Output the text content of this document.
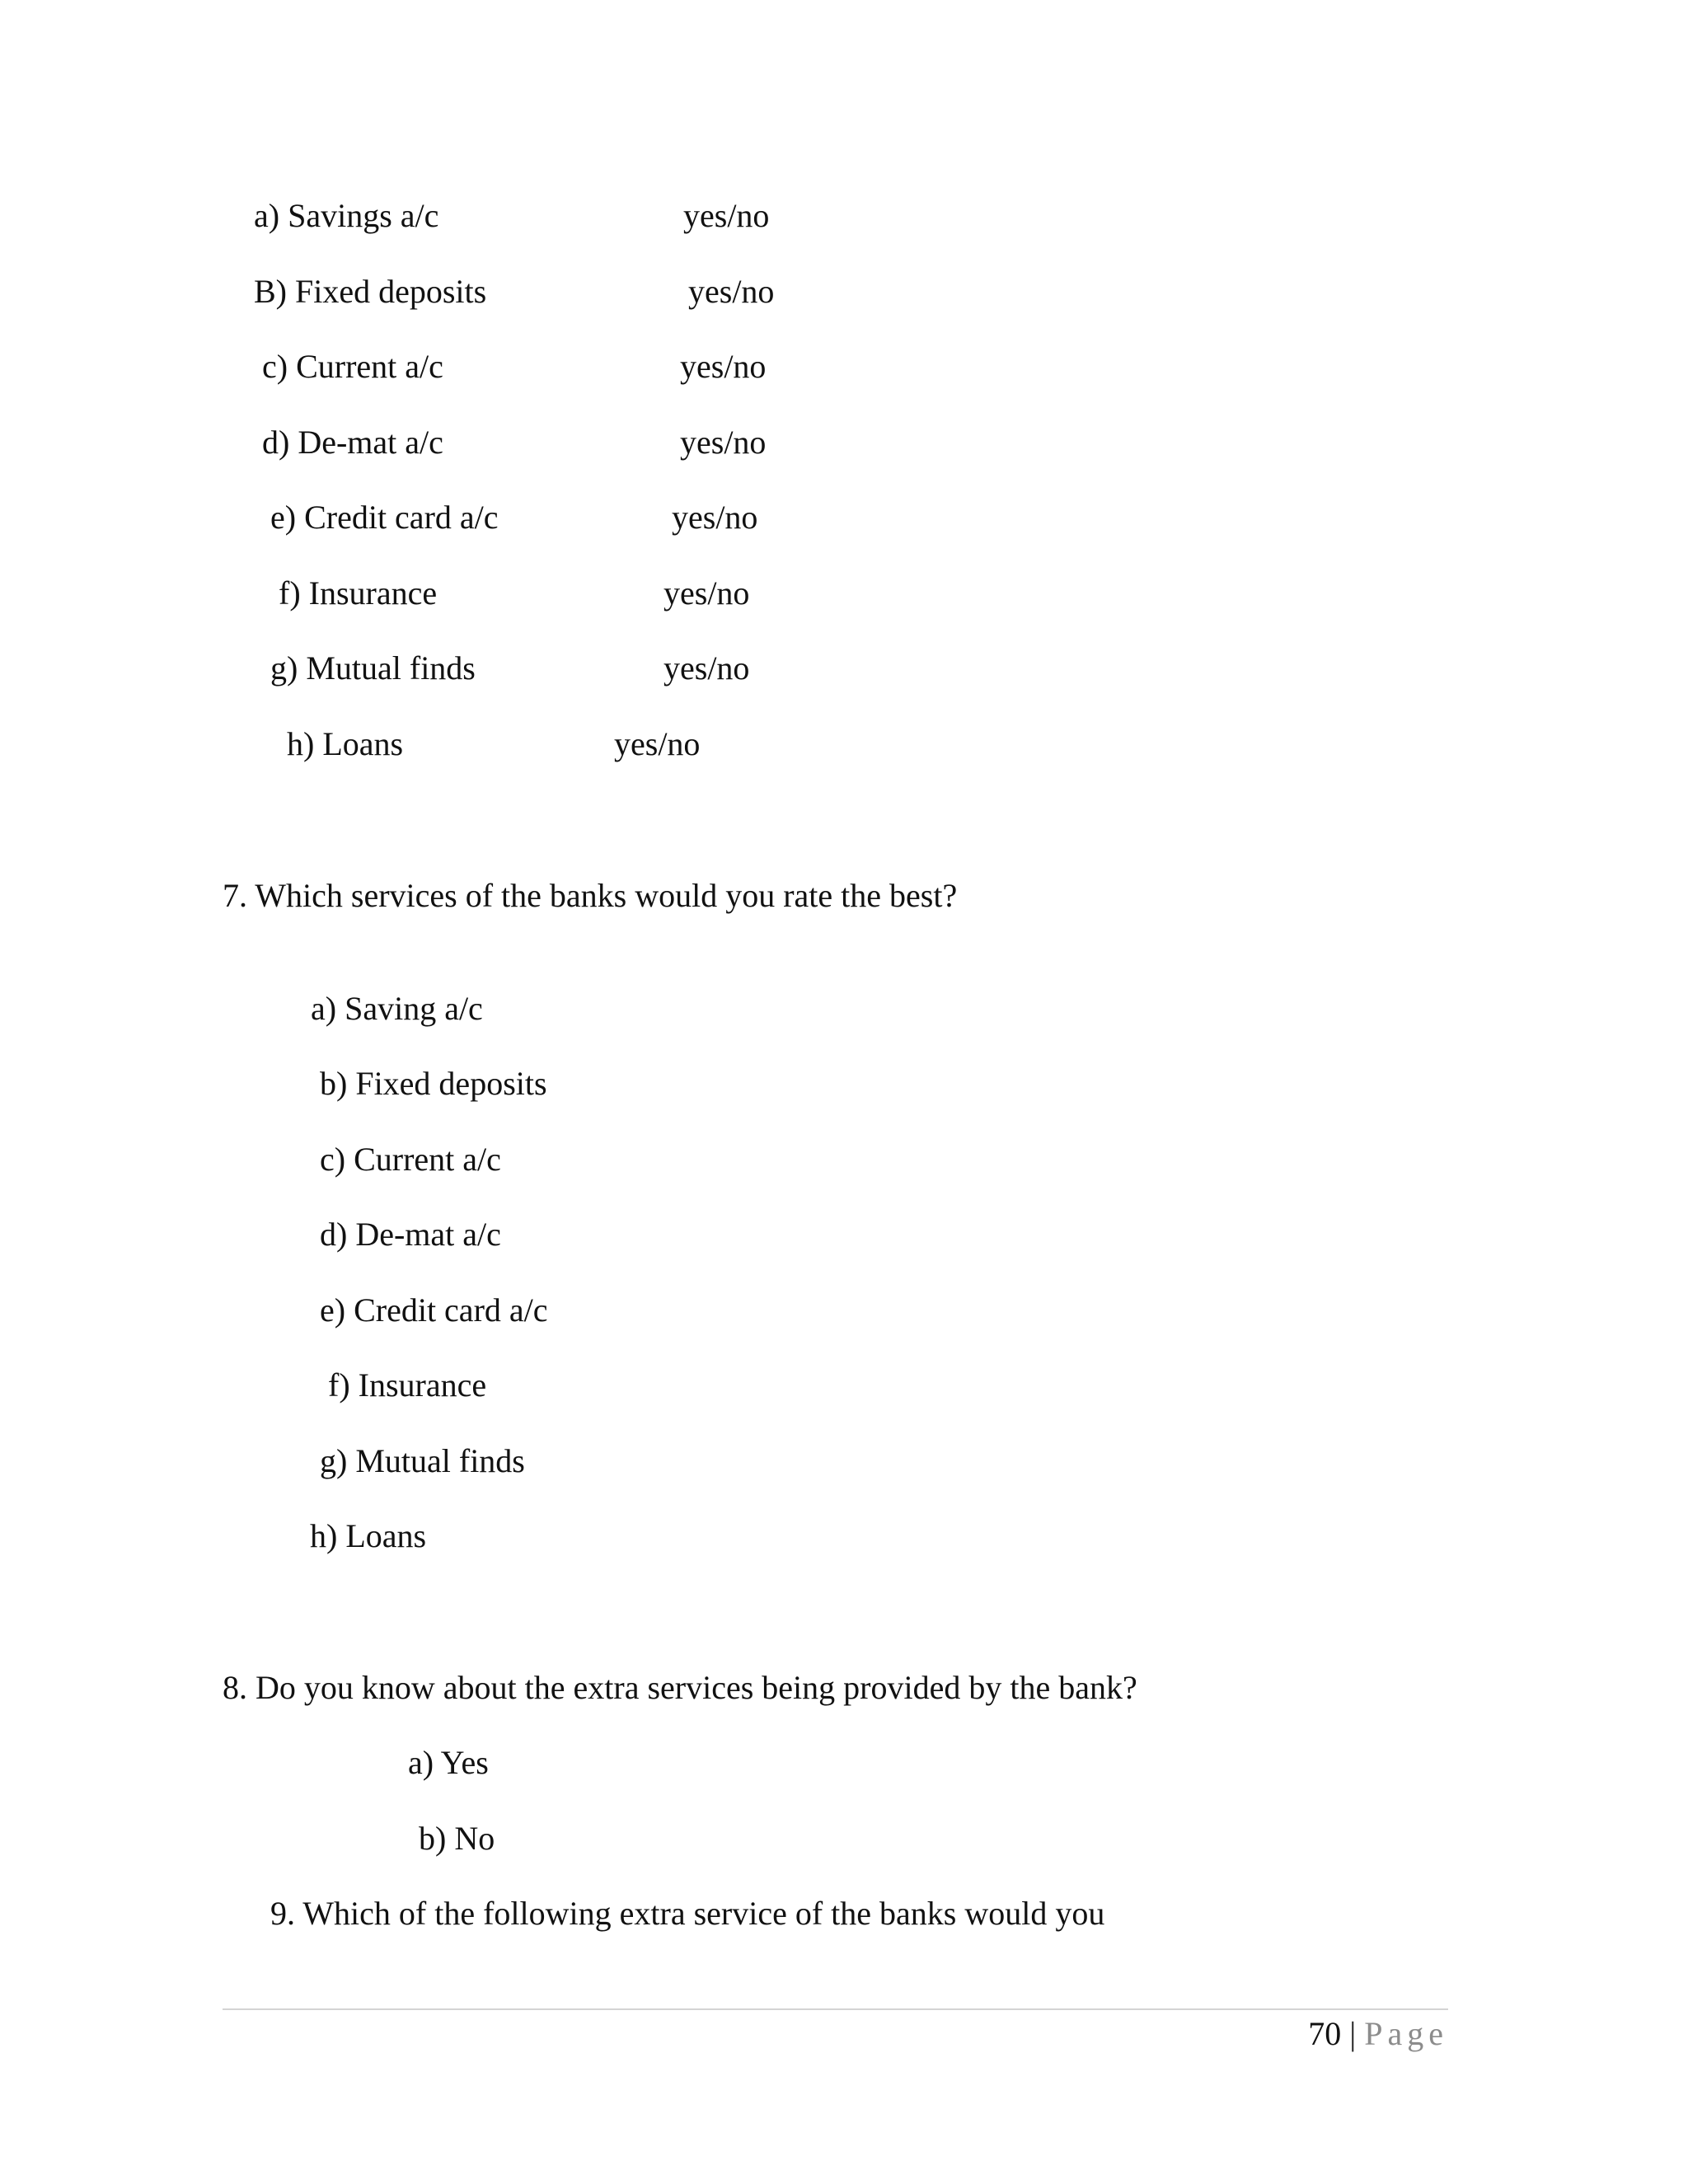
a) Savings a/c	yes/no
B) Fixed deposits	yes/no
c) Current a/c	yes/no
d) De-mat a/c	yes/no
e) Credit card a/c	yes/no
f) Insurance	yes/no
g) Mutual finds	yes/no
h) Loans	yes/no
7. Which services of the banks would you rate the best?
a) Saving a/c
b) Fixed deposits
c) Current a/c
d) De-mat a/c
e) Credit card a/c
f) Insurance
g) Mutual finds
h) Loans
8. Do you know about the extra services being provided by the bank?
a) Yes
b) No
9. Which of the following extra service of the banks would you
70 | Page
